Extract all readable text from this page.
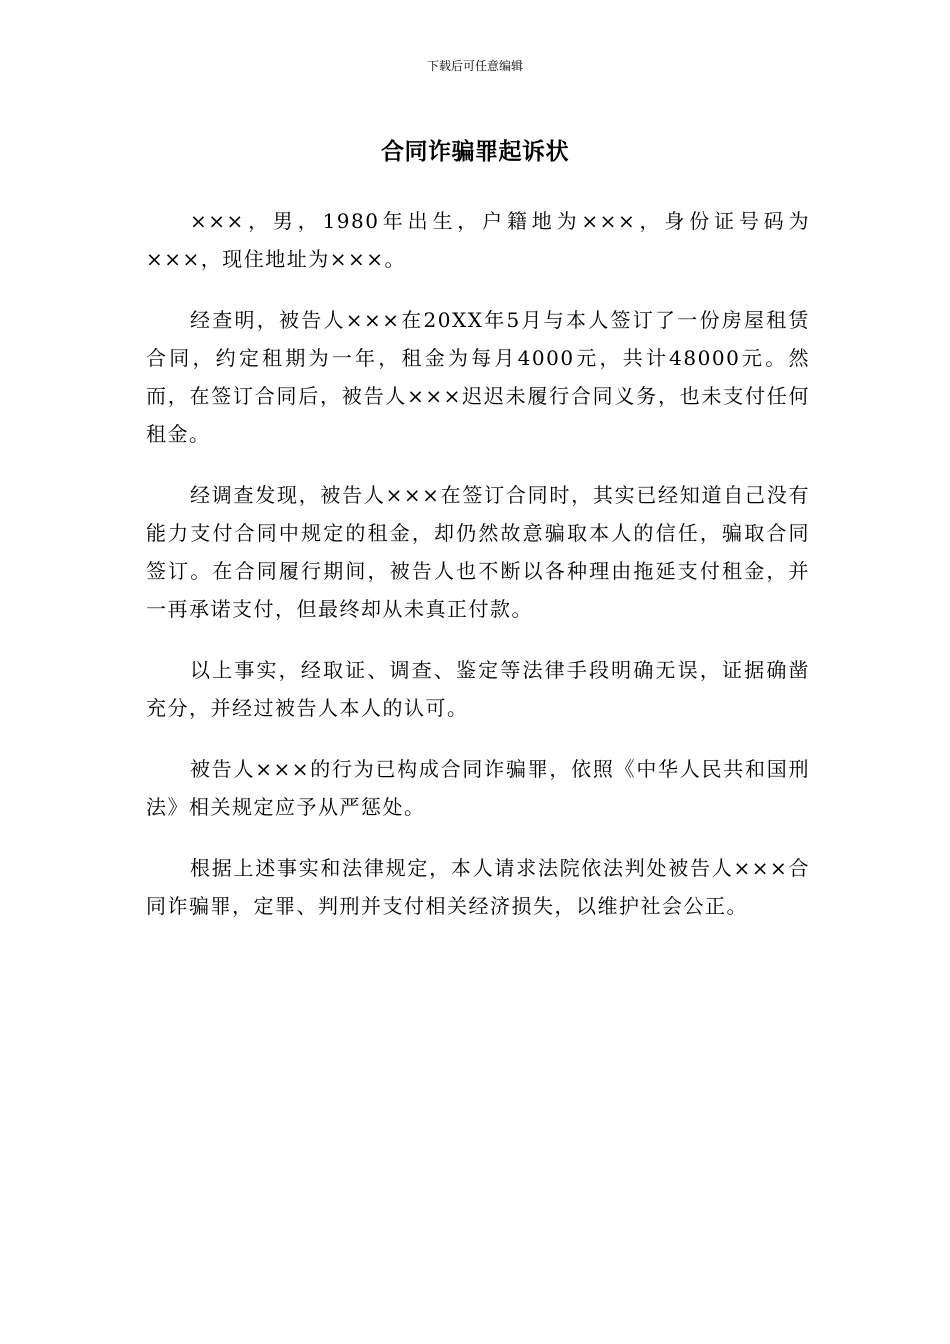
下载后可任意编辑
合同诈骗罪起诉状

×××，男，1980年出生，户籍地为×××，身份证号码为×××，现住地址为×××。

经查明，被告人×××在20XX年5月与本人签订了一份房屋租赁合同，约定租期为一年，租金为每月4000元，共计48000元。然而，在签订合同后，被告人×××迟迟未履行合同义务，也未支付任何租金。

经调查发现，被告人×××在签订合同时，其实已经知道自己没有能力支付合同中规定的租金，却仍然故意骗取本人的信任，骗取合同签订。在合同履行期间，被告人也不断以各种理由拖延支付租金，并一再承诺支付，但最终却从未真正付款。

以上事实，经取证、调查、鉴定等法律手段明确无误，证据确凿充分，并经过被告人本人的认可。

被告人×××的行为已构成合同诈骗罪，依照《中华人民共和国刑法》相关规定应予从严惩处。

根据上述事实和法律规定，本人请求法院依法判处被告人×××合同诈骗罪，定罪、判刑并支付相关经济损失，以维护社会公正。
